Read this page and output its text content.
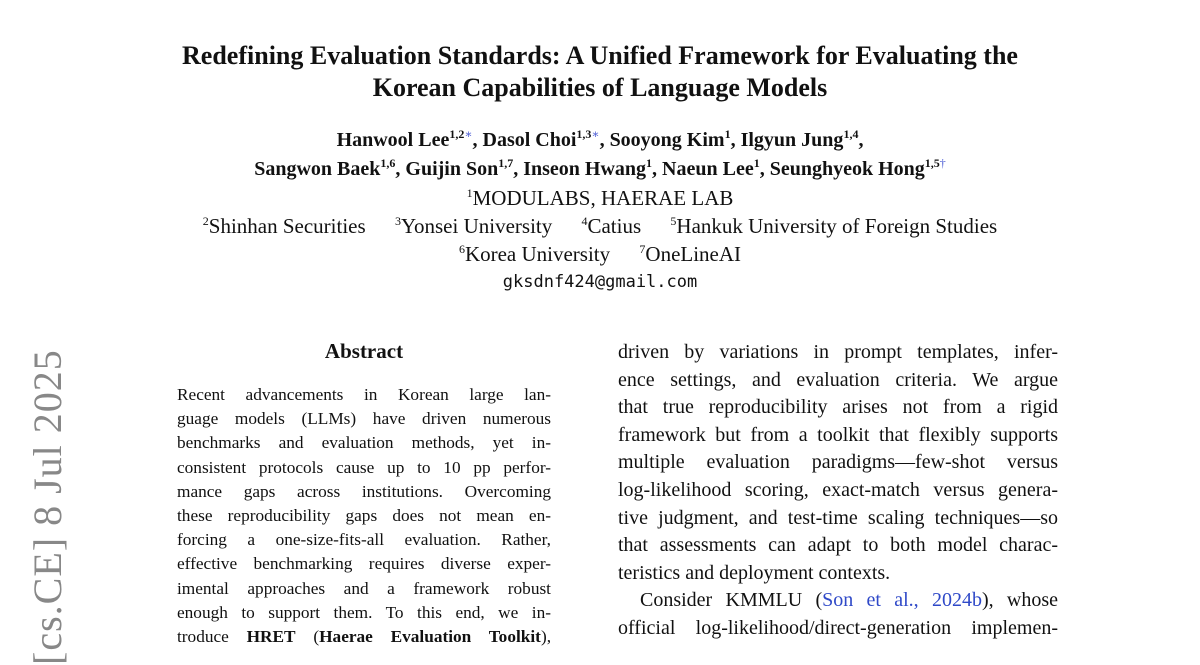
[cs.CE] 8 Jul 2025
Redefining Evaluation Standards: A Unified Framework for Evaluating the
Korean Capabilities of Language Models
Hanwool Lee$^{1,2∗}$, Dasol Choi$^{1,3∗}$, Sooyong Kim$^1$, Ilgyun Jung$^{1,4}$,
Sangwon Baek$^{1,6}$, Guijin Son$^{1,7}$, Inseon Hwang$^1$, Naeun Lee$^1$, Seunghyeok Hong$^{1,5\dagger}$
$^1$MODULABS, HAERAE LAB
$^2$Shinhan Securities $^3$Yonsei University $^4$Catius $^5$Hankuk University of Foreign Studies
$^6$Korea University $^7$OneLineAI
gksdnf424@gmail.com
Abstract
Recent advancements in Korean large lan-
guage models (LLMs) have driven numerous
benchmarks and evaluation methods, yet in-
consistent protocols cause up to 10 pp perfor-
mance gaps across institutions. Overcoming
these reproducibility gaps does not mean en-
forcing a one-size-fits-all evaluation. Rather,
effective benchmarking requires diverse exper-
imental approaches and a framework robust
enough to support them. To this end, we in-
troduce HRET (Haerae Evaluation Toolkit),
driven by variations in prompt templates, infer-
ence settings, and evaluation criteria. We argue
that true reproducibility arises not from a rigid
framework but from a toolkit that flexibly supports
multiple evaluation paradigms—few-shot versus
log-likelihood scoring, exact-match versus genera-
tive judgment, and test-time scaling techniques—so
that assessments can adapt to both model charac-
teristics and deployment contexts.
Consider KMMLU (Son et al., 2024b), whose
official log-likelihood/direct-generation implemen-
